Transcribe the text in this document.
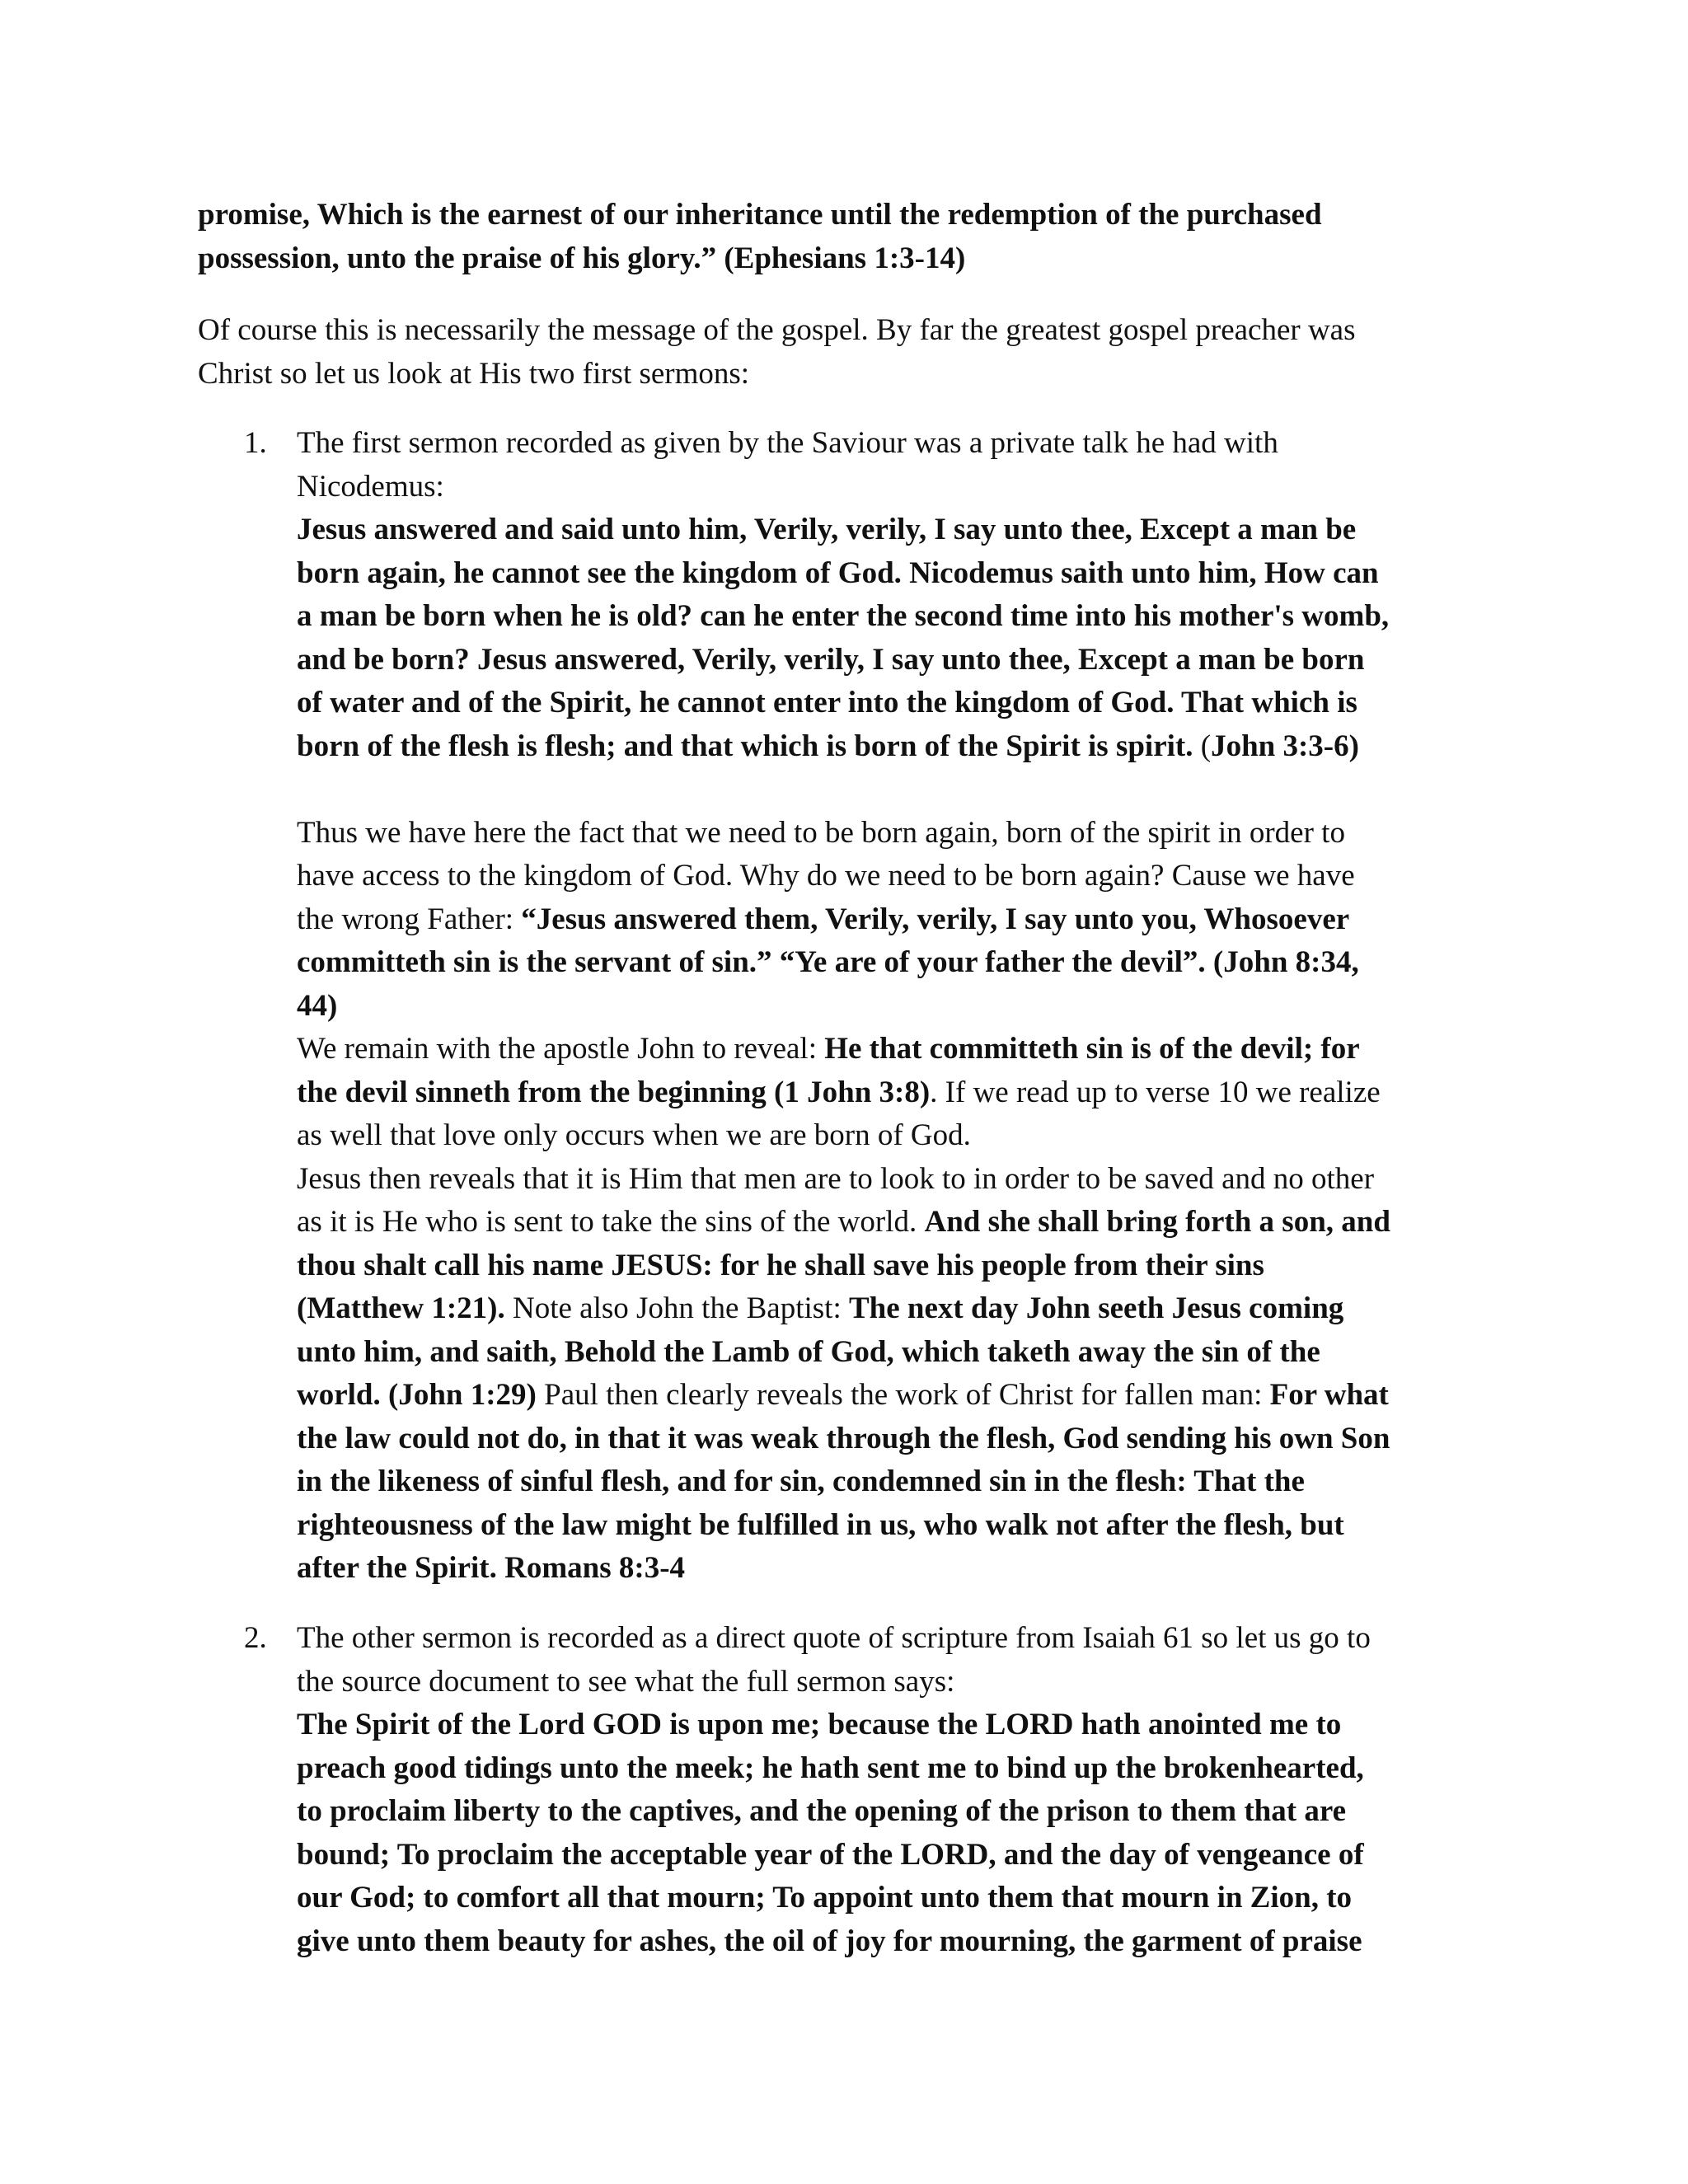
promise, Which is the earnest of our inheritance until the redemption of the purchased

possession, unto the praise of his glory.” (Ephesians 1:3-14)

Of course this is necessarily the message of the gospel. By far the greatest gospel preacher was

Christ so let us look at His two first sermons:

1. The first sermon recorded as given by the Saviour was a private talk he had with

Nicodemus:

Jesus answered and said unto him, Verily, verily, I say unto thee, Except a man be

born again, he cannot see the kingdom of God. Nicodemus saith unto him, How can

a man be born when he is old? can he enter the second time into his mother's womb,

and be born? Jesus answered, Verily, verily, I say unto thee, Except a man be born

of water and of the Spirit, he cannot enter into the kingdom of God. That which is

born of the flesh is flesh; and that which is born of the Spirit is spirit. (John 3:3-6)

Thus we have here the fact that we need to be born again, born of the spirit in order to

have access to the kingdom of God. Why do we need to be born again? Cause we have

the wrong Father: “Jesus answered them, Verily, verily, I say unto you, Whosoever

committeth sin is the servant of sin.” “Ye are of your father the devil”. (John 8:34,

44)

We remain with the apostle John to reveal: He that committeth sin is of the devil; for

the devil sinneth from the beginning (1 John 3:8). If we read up to verse 10 we realize

as well that love only occurs when we are born of God.

Jesus then reveals that it is Him that men are to look to in order to be saved and no other

as it is He who is sent to take the sins of the world. And she shall bring forth a son, and

thou shalt call his name JESUS: for he shall save his people from their sins

(Matthew 1:21). Note also John the Baptist: The next day John seeth Jesus coming

unto him, and saith, Behold the Lamb of God, which taketh away the sin of the

world. (John 1:29) Paul then clearly reveals the work of Christ for fallen man: For what

the law could not do, in that it was weak through the flesh, God sending his own Son

in the likeness of sinful flesh, and for sin, condemned sin in the flesh: That the

righteousness of the law might be fulfilled in us, who walk not after the flesh, but

after the Spirit. Romans 8:3-4

2. The other sermon is recorded as a direct quote of scripture from Isaiah 61 so let us go to

the source document to see what the full sermon says:

The Spirit of the Lord GOD is upon me; because the LORD hath anointed me to

preach good tidings unto the meek; he hath sent me to bind up the brokenhearted,

to proclaim liberty to the captives, and the opening of the prison to them that are

bound; To proclaim the acceptable year of the LORD, and the day of vengeance of

our God; to comfort all that mourn; To appoint unto them that mourn in Zion, to

give unto them beauty for ashes, the oil of joy for mourning, the garment of praise
